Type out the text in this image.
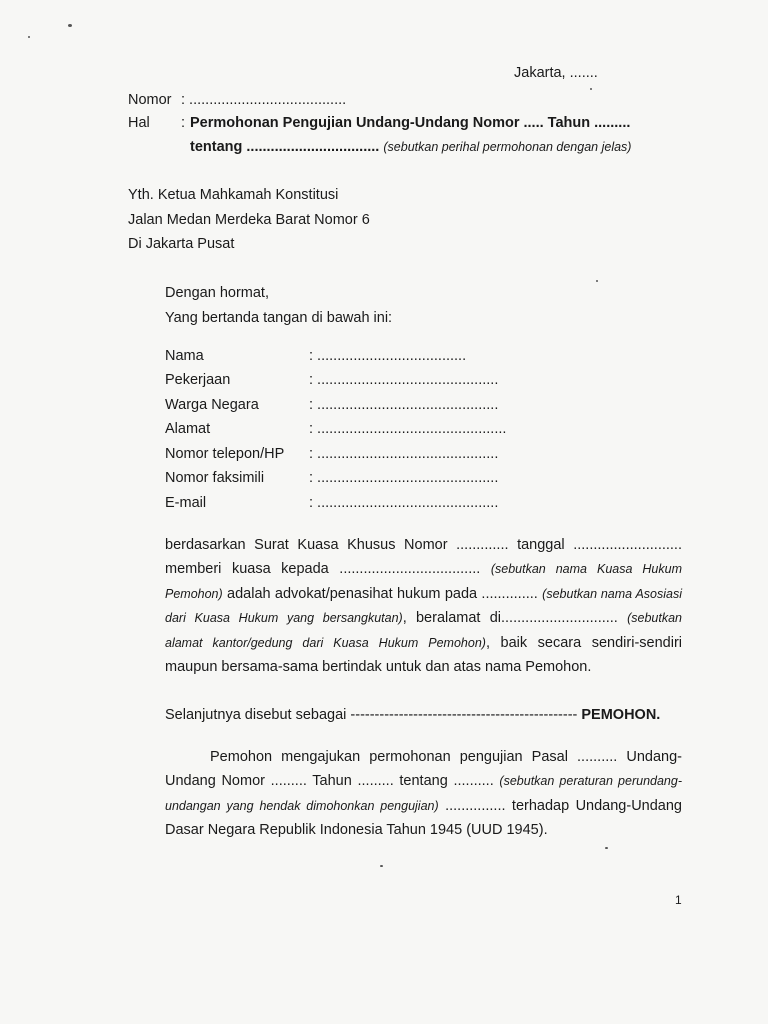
Jakarta, .......
Nomor : .......................................
Hal : Permohonan Pengujian Undang-Undang Nomor ..... Tahun .........
tentang ................................. (sebutkan perihal permohonan dengan jelas)
Yth. Ketua Mahkamah Konstitusi
Jalan Medan Merdeka Barat Nomor 6
Di Jakarta Pusat
Dengan hormat,
Yang bertanda tangan di bawah ini:
Nama	: .....................................
Pekerjaan	: .............................................
Warga Negara	: .............................................
Alamat	: ...............................................
Nomor telepon/HP : .............................................
Nomor faksimili	: .............................................
E-mail	: .............................................
berdasarkan Surat Kuasa Khusus Nomor ............. tanggal ........................... memberi kuasa kepada ................................... (sebutkan nama Kuasa Hukum Pemohon) adalah advokat/penasihat hukum pada .............. (sebutkan nama Asosiasi dari Kuasa Hukum yang bersangkutan), beralamat di............................. (sebutkan alamat kantor/gedung dari Kuasa Hukum Pemohon), baik secara sendiri-sendiri maupun bersama-sama bertindak untuk dan atas nama Pemohon.
Selanjutnya disebut sebagai ----------------------------------------------- PEMOHON.
Pemohon mengajukan permohonan pengujian Pasal .......... Undang-Undang Nomor ......... Tahun ......... tentang .......... (sebutkan peraturan perundang-undangan yang hendak dimohonkan pengujian) ............... terhadap Undang-Undang Dasar Negara Republik Indonesia Tahun 1945 (UUD 1945).
1
